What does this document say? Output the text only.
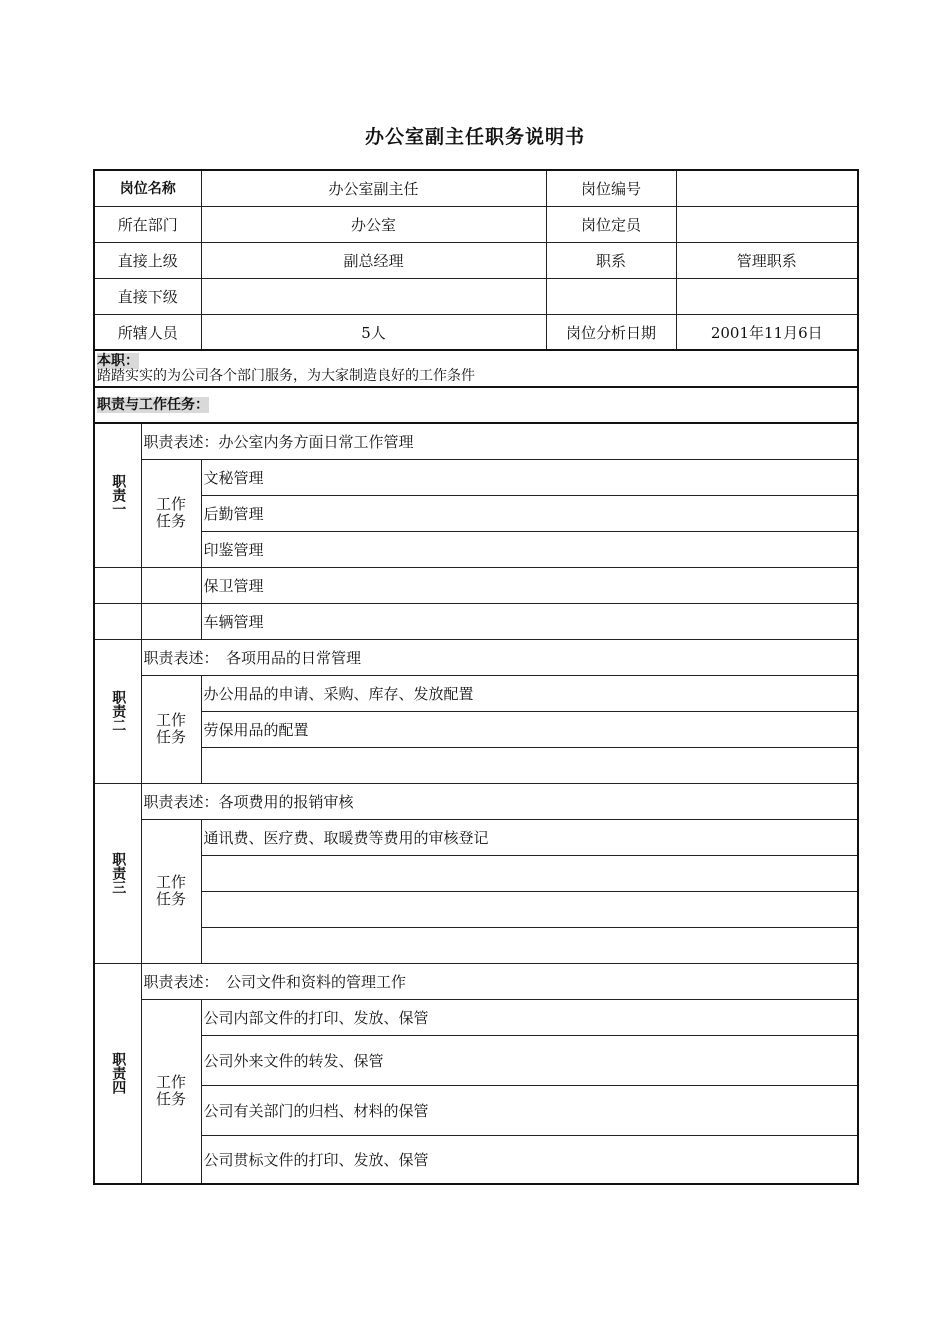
办公室副主任职务说明书
岗位名称	办公室副主任	岗位编号	
所在部门	办公室	岗位定员	
直接上级	副总经理	职系	管理职系
直接下级			
所辖人员	5人	岗位分析日期	2001年11月6日
本职：
踏踏实实的为公司各个部门服务，为大家制造良好的工作条件		
职责与工作任务：		

职责一	职责表述：办公室内务方面日常工作管理	

	工作任务	文秘管理
		后勤管理
		印鉴管理
		保卫管理
		车辆管理

职责二	职责表述：　各项用品的日常管理	

	工作任务	办公用品的申请、采购、库存、发放配置
		劳保用品的配置

职责三	职责表述：各项费用的报销审核	

	工作任务	通讯费、医疗费、取暖费等费用的审核登记

职责四	职责表述：　公司文件和资料的管理工作	

	工作任务	公司内部文件的打印、发放、保管
		公司外来文件的转发、保管
		公司有关部门的归档、材料的保管
		公司贯标文件的打印、发放、保管
